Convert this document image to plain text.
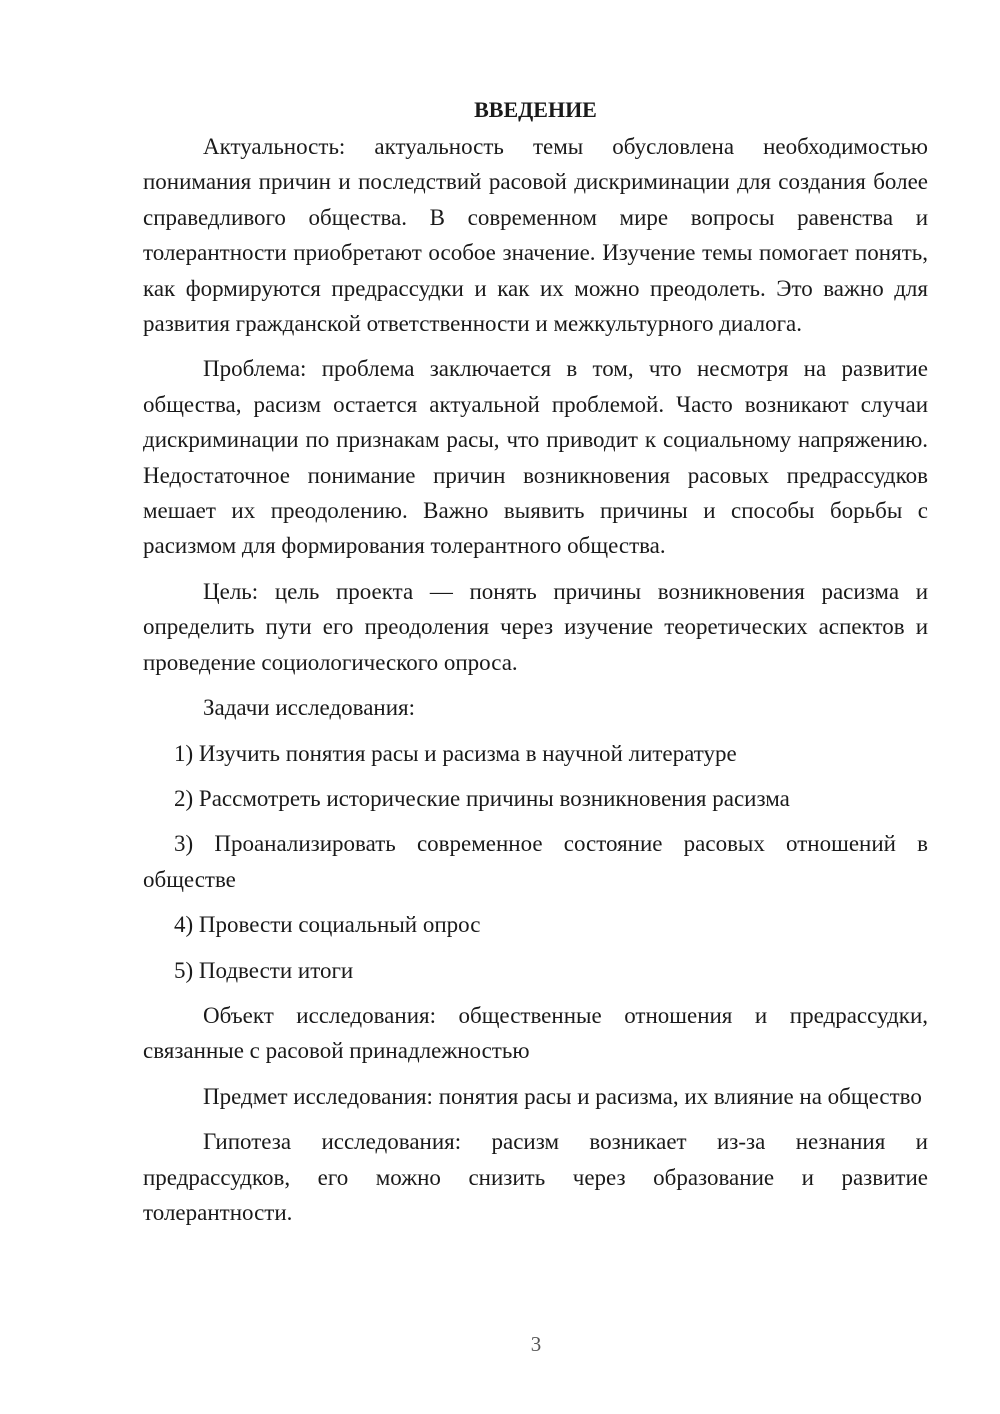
ВВЕДЕНИЕ

Актуальность: актуальность темы обусловлена необходимостью понимания причин и последствий расовой дискриминации для создания более справедливого общества. В современном мире вопросы равенства и толерантности приобретают особое значение. Изучение темы помогает понять, как формируются предрассудки и как их можно преодолеть. Это важно для развития гражданской ответственности и межкультурного диалога.

Проблема: проблема заключается в том, что несмотря на развитие общества, расизм остается актуальной проблемой. Часто возникают случаи дискриминации по признакам расы, что приводит к социальному напряжению. Недостаточное понимание причин возникновения расовых предрассудков мешает их преодолению. Важно выявить причины и способы борьбы с расизмом для формирования толерантного общества.

Цель: цель проекта — понять причины возникновения расизма и определить пути его преодоления через изучение теоретических аспектов и проведение социологического опроса.

Задачи исследования:

1) Изучить понятия расы и расизма в научной литературе

2) Рассмотреть исторические причины возникновения расизма

3) Проанализировать современное состояние расовых отношений в обществе

4) Провести социальный опрос

5) Подвести итоги

Объект исследования: общественные отношения и предрассудки, связанные с расовой принадлежностью

Предмет исследования: понятия расы и расизма, их влияние на общество

Гипотеза исследования: расизм возникает из-за незнания и предрассудков, его можно снизить через образование и развитие толерантности.

3
